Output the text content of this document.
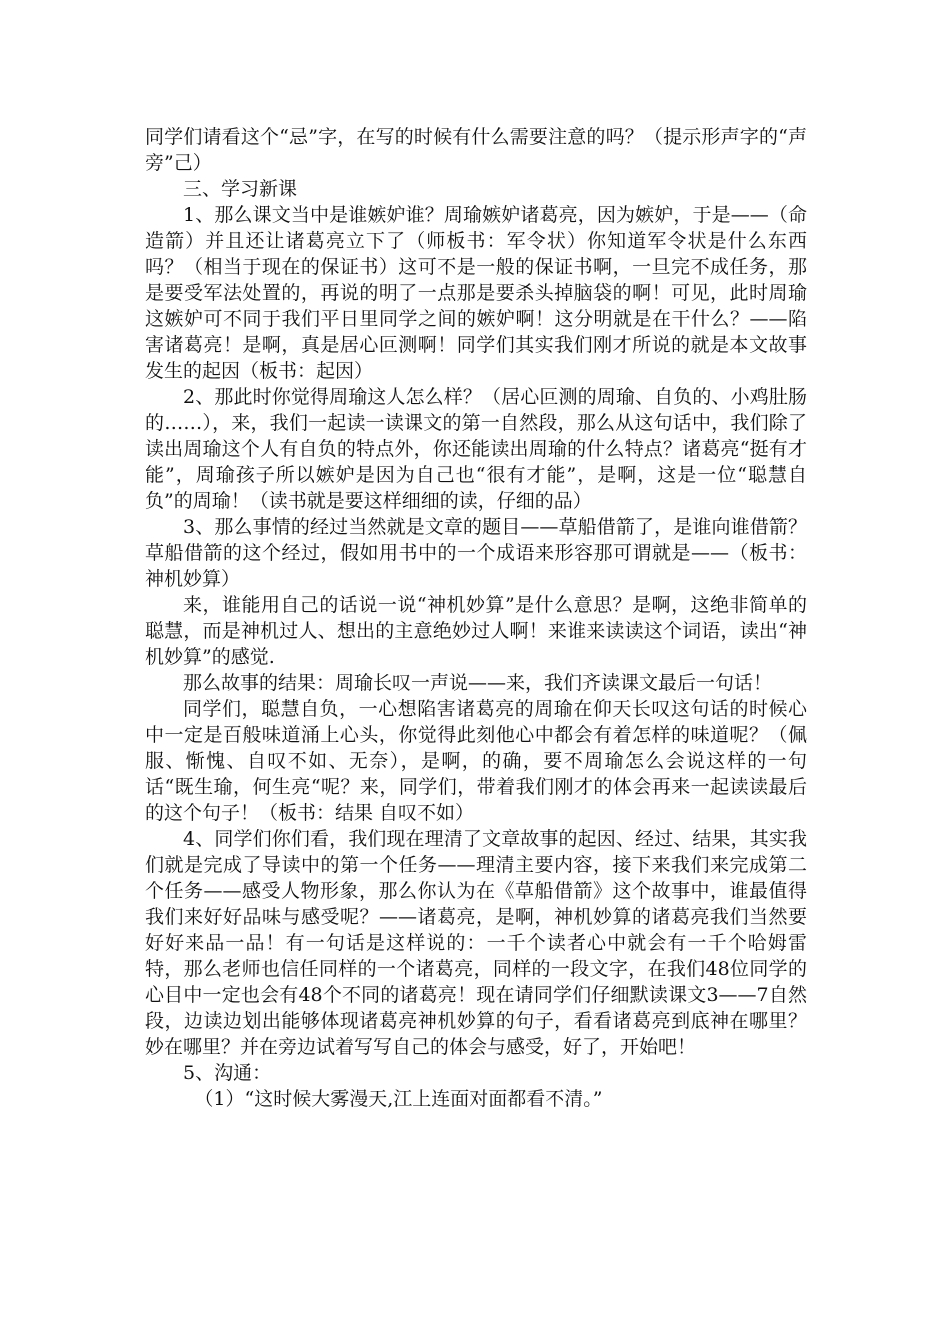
同学们请看这个“忌”字，在写的时候有什么需要注意的吗？（提示形声字的“声旁”己）

三、学习新课

1、那么课文当中是谁嫉妒谁？周瑜嫉妒诸葛亮，因为嫉妒，于是——（命造箭）并且还让诸葛亮立下了（师板书：军令状）你知道军令状是什么东西吗？（相当于现在的保证书）这可不是一般的保证书啊，一旦完不成任务，那是要受军法处置的，再说的明了一点那是要杀头掉脑袋的啊！可见，此时周瑜这嫉妒可不同于我们平日里同学之间的嫉妒啊！这分明就是在干什么？——陷害诸葛亮！是啊，真是居心叵测啊！同学们其实我们刚才所说的就是本文故事发生的起因（板书：起因）

2、那此时你觉得周瑜这人怎么样？（居心叵测的周瑜、自负的、小鸡肚肠的……），来，我们一起读一读课文的第一自然段，那么从这句话中，我们除了读出周瑜这个人有自负的特点外，你还能读出周瑜的什么特点？诸葛亮“挺有才能”，周瑜孩子所以嫉妒是因为自己也“很有才能”，是啊，这是一位“聪慧自负”的周瑜！（读书就是要这样细细的读，仔细的品）

3、那么事情的经过当然就是文章的题目——草船借箭了，是谁向谁借箭？草船借箭的这个经过，假如用书中的一个成语来形容那可谓就是——（板书：神机妙算）

来，谁能用自己的话说一说“神机妙算”是什么意思？是啊，这绝非简单的聪慧，而是神机过人、想出的主意绝妙过人啊！来谁来读读这个词语，读出“神机妙算”的感觉.

那么故事的结果：周瑜长叹一声说——来，我们齐读课文最后一句话！

同学们，聪慧自负，一心想陷害诸葛亮的周瑜在仰天长叹这句话的时候心中一定是百般味道涌上心头，你觉得此刻他心中都会有着怎样的味道呢？（佩服、惭愧、自叹不如、无奈），是啊，的确，要不周瑜怎么会说这样的一句话“既生瑜，何生亮“呢？来，同学们，带着我们刚才的体会再来一起读读最后的这个句子！（板书：结果 自叹不如）

4、同学们你们看，我们现在理清了文章故事的起因、经过、结果，其实我们就是完成了导读中的第一个任务——理清主要内容，接下来我们来完成第二个任务——感受人物形象，那么你认为在《草船借箭》这个故事中，谁最值得我们来好好品味与感受呢？——诸葛亮，是啊，神机妙算的诸葛亮我们当然要好好来品一品！有一句话是这样说的：一千个读者心中就会有一千个哈姆雷特，那么老师也信任同样的一个诸葛亮，同样的一段文字，在我们48位同学的心目中一定也会有48个不同的诸葛亮！现在请同学们仔细默读课文3——7自然段，边读边划出能够体现诸葛亮神机妙算的句子，看看诸葛亮到底神在哪里？妙在哪里？并在旁边试着写写自己的体会与感受，好了，开始吧！

5、沟通：

（1）“这时候大雾漫天,江上连面对面都看不清。”
